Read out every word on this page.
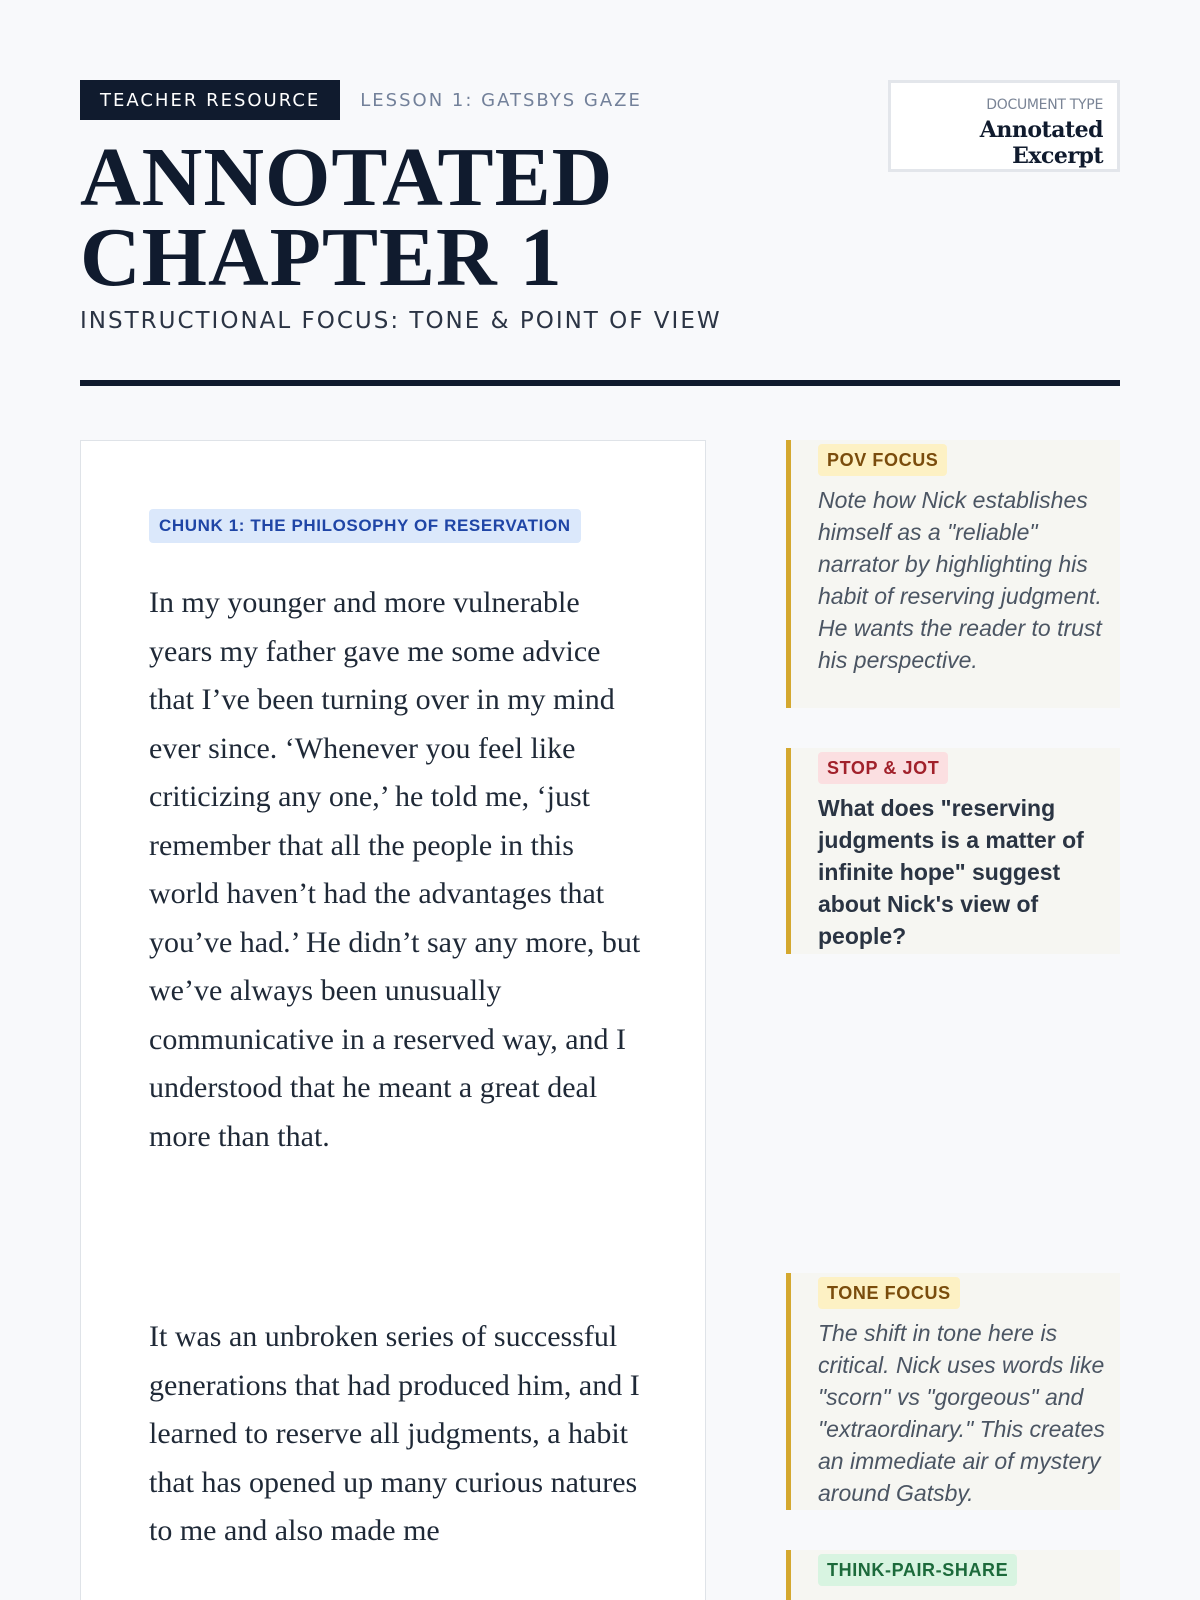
TEACHER RESOURCE	LESSON 1: GATSBYS GAZE	DOCUMENT TYPE
Annotated Excerpt
ANNOTATED
CHAPTER 1
INSTRUCTIONAL FOCUS: TONE & POINT OF VIEW
CHUNK 1: THE PHILOSOPHY OF RESERVATION

In my younger and more vulnerable years my father gave me some advice that I’ve been turning over in my mind ever since. ‘Whenever you feel like criticizing any one,’ he told me, ‘just remember that all the people in this world haven’t had the advantages that you’ve had.’ He didn’t say any more, but we’ve always been unusually communicative in a reserved way, and I understood that he meant a great deal more than that.

It was an unbroken series of successful generations that had produced him, and I learned to reserve all judgments, a habit that has opened up many curious natures to me and also made me

POV FOCUS

Note how Nick establishes himself as a "reliable" narrator by highlighting his habit of reserving judgment. He wants the reader to trust his perspective.

STOP & JOT

What does "reserving judgments is a matter of infinite hope" suggest about Nick's view of people?

TONE FOCUS

The shift in tone here is critical. Nick uses words like "scorn" vs "gorgeous" and "extraordinary." This creates an immediate air of mystery around Gatsby.

THINK-PAIR-SHARE
